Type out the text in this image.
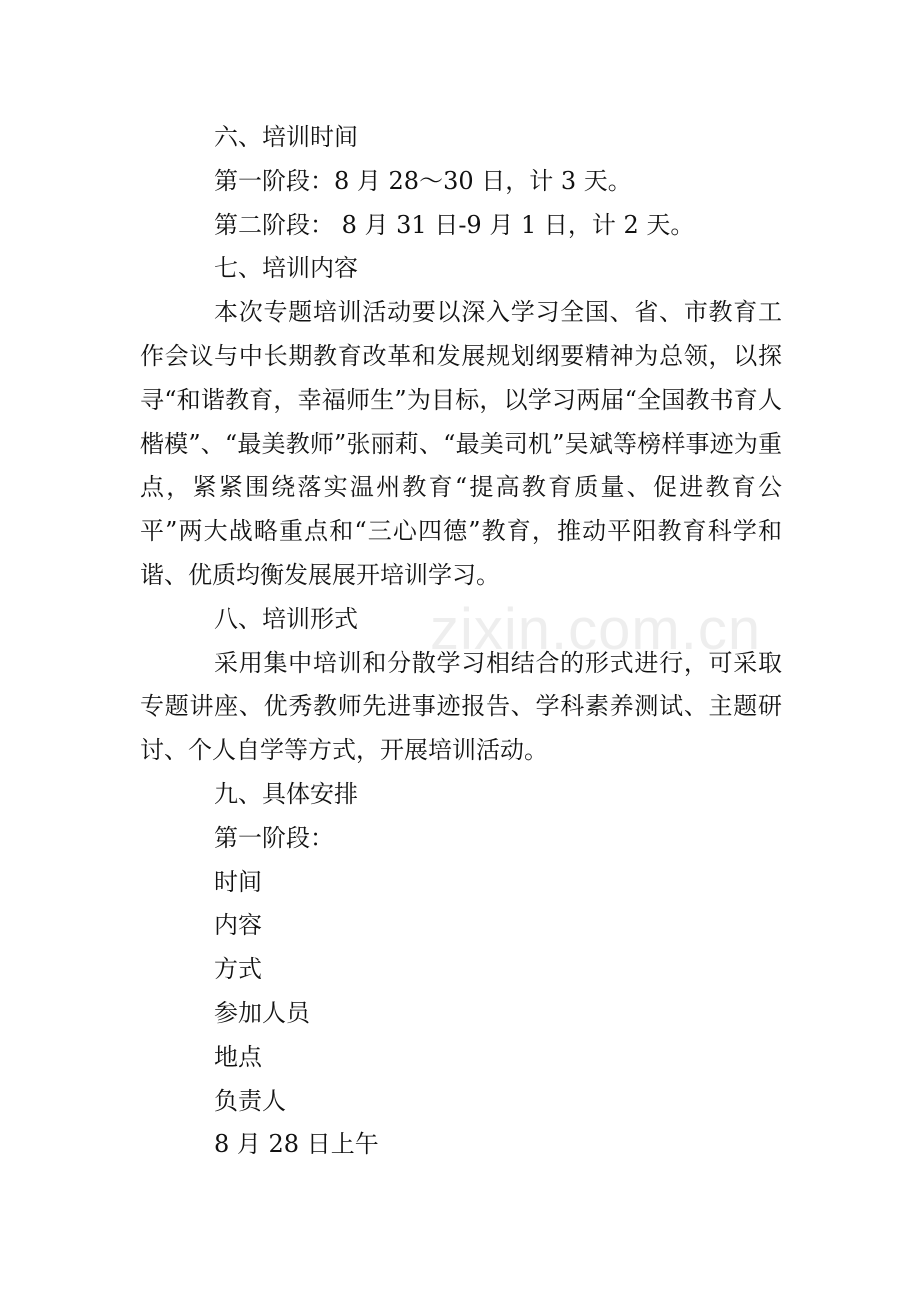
六、培训时间

第一阶段：8 月 28～30 日，计 3 天。

第二阶段： 8 月 31 日-9 月 1 日，计 2 天。

七、培训内容

本次专题培训活动要以深入学习全国、省、市教育工作会议与中长期教育改革和发展规划纲要精神为总领，以探寻“和谐教育，幸福师生”为目标，以学习两届“全国教书育人楷模”、“最美教师”张丽莉、“最美司机”吴斌等榜样事迹为重点，紧紧围绕落实温州教育“提高教育质量、促进教育公平”两大战略重点和“三心四德”教育，推动平阳教育科学和谐、优质均衡发展展开培训学习。

八、培训形式

采用集中培训和分散学习相结合的形式进行，可采取专题讲座、优秀教师先进事迹报告、学科素养测试、主题研讨、个人自学等方式，开展培训活动。

九、具体安排

第一阶段：

时间

内容

方式

参加人员

地点

负责人

8 月 28 日上午

zixin.com.cn
